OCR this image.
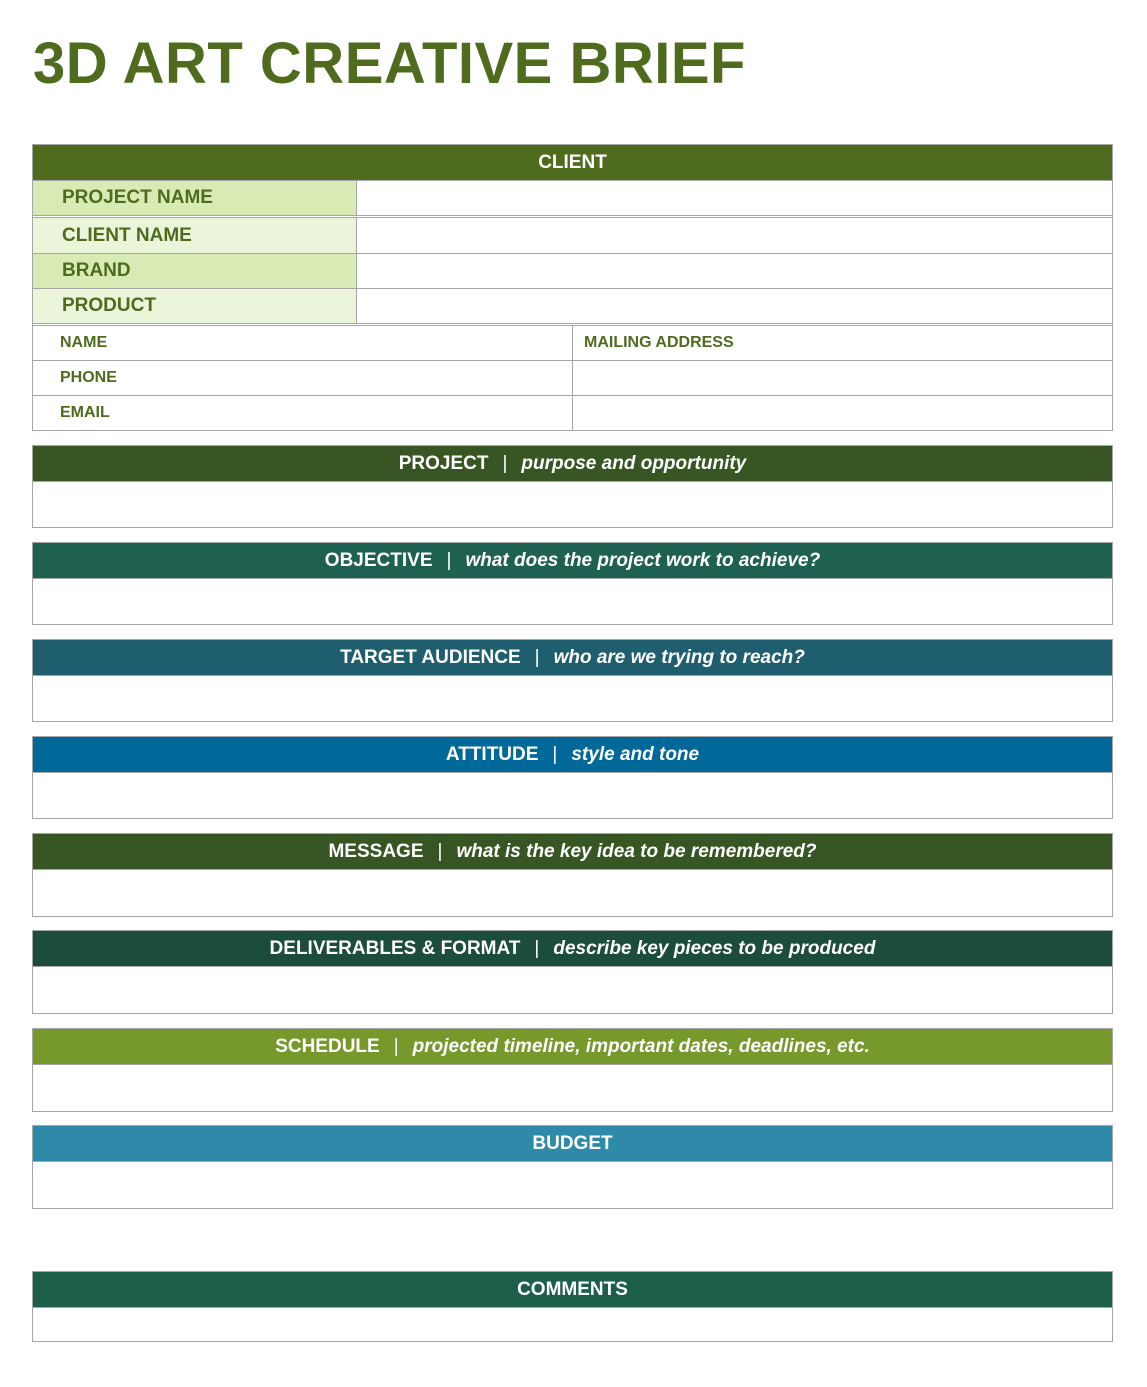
3D ART CREATIVE BRIEF
CLIENT
PROJECT NAME
CLIENT NAME
BRAND
PRODUCT
NAME	MAILING ADDRESS
PHONE
EMAIL
PROJECT | purpose and opportunity
OBJECTIVE | what does the project work to achieve?
TARGET AUDIENCE | who are we trying to reach?
ATTITUDE | style and tone
MESSAGE | what is the key idea to be remembered?
DELIVERABLES & FORMAT | describe key pieces to be produced
SCHEDULE | projected timeline, important dates, deadlines, etc.
BUDGET
COMMENTS
